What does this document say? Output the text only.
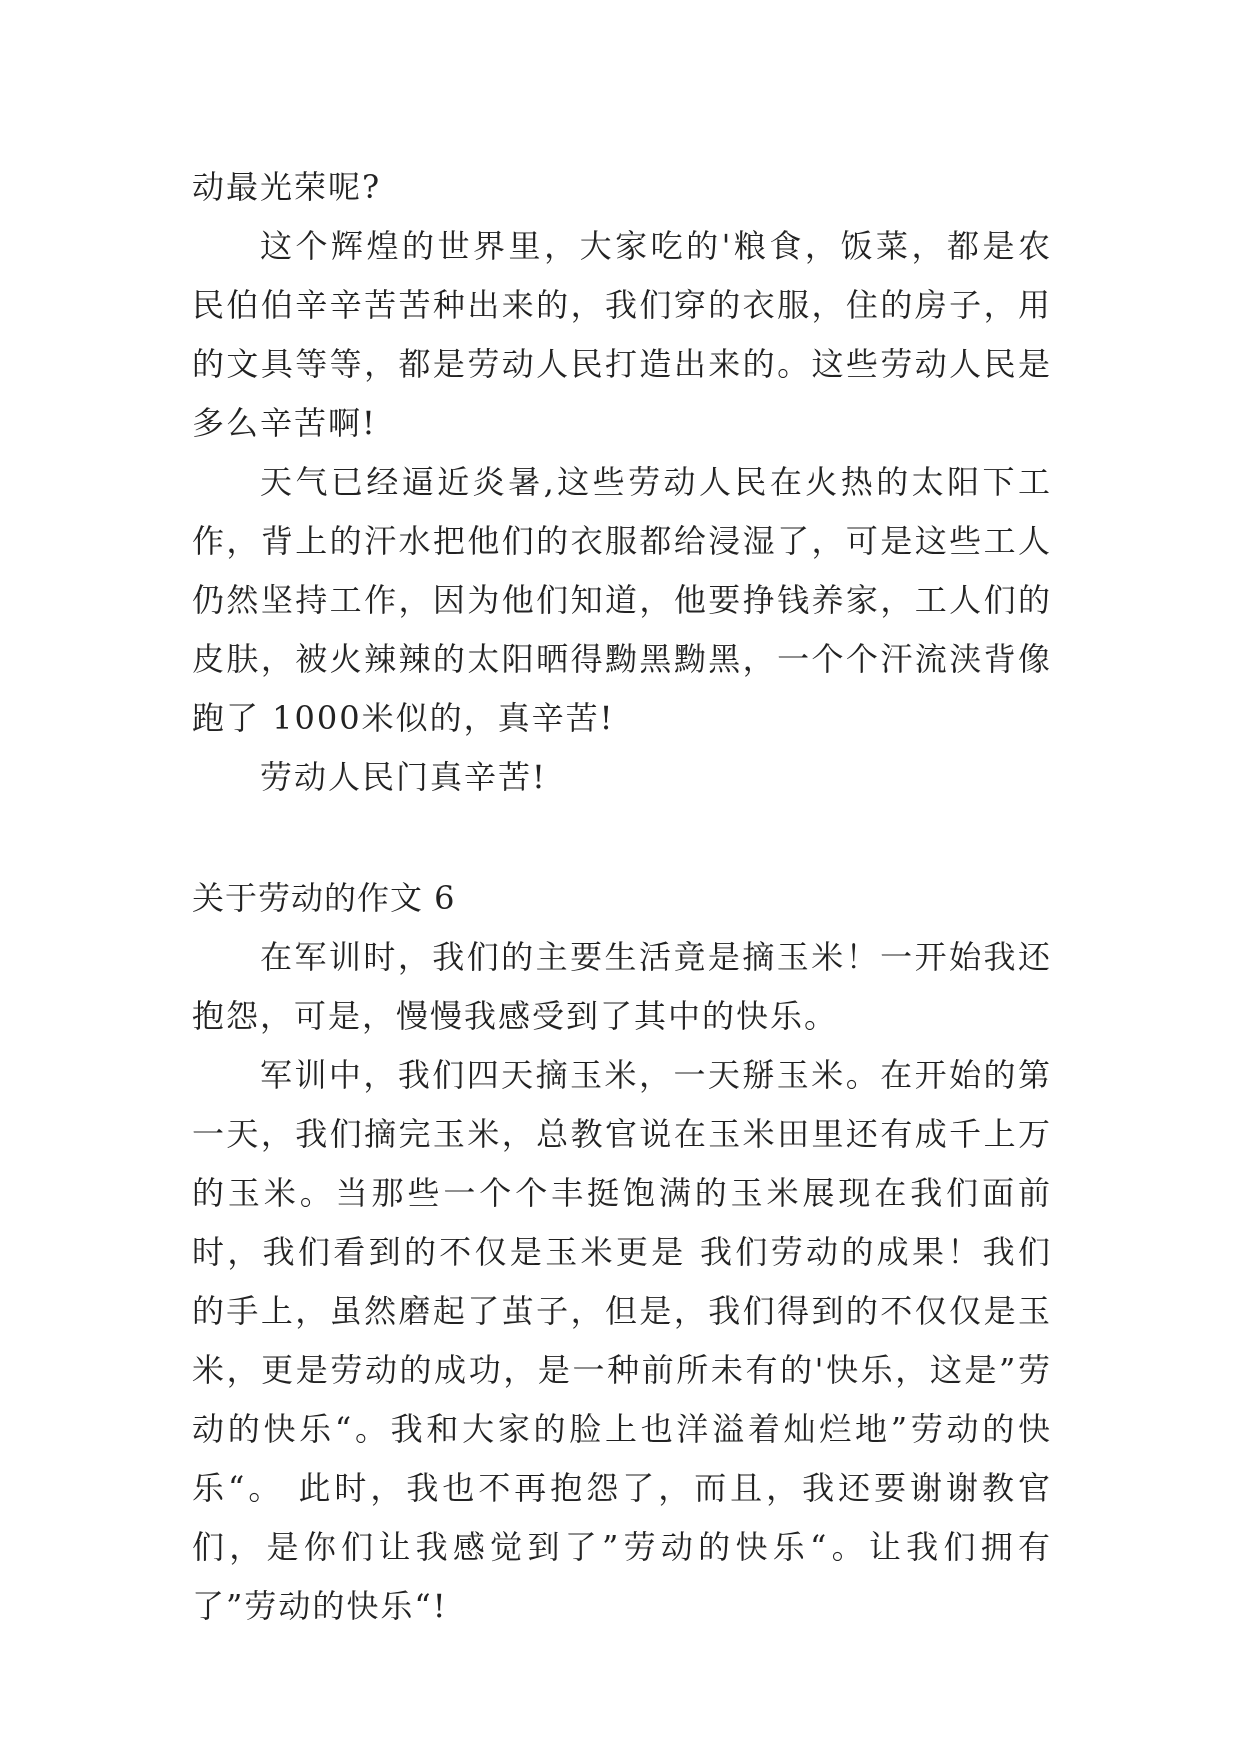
动最光荣呢?

这个辉煌的世界里，大家吃的'粮食，饭菜，都是农民伯伯辛辛苦苦种出来的，我们穿的衣服，住的房子，用的文具等等，都是劳动人民打造出来的。这些劳动人民是多么辛苦啊!

天气已经逼近炎暑,这些劳动人民在火热的太阳下工作，背上的汗水把他们的衣服都给浸湿了，可是这些工人仍然坚持工作，因为他们知道，他要挣钱养家，工人们的皮肤，被火辣辣的太阳晒得黝黑黝黑，一个个汗流浃背像跑了 1000米似的，真辛苦!

劳动人民门真辛苦!

关于劳动的作文 6

在军训时，我们的主要生活竟是摘玉米！一开始我还抱怨，可是，慢慢我感受到了其中的快乐。

军训中，我们四天摘玉米，一天掰玉米。在开始的第一天，我们摘完玉米，总教官说在玉米田里还有成千上万的玉米。当那些一个个丰挺饱满的玉米展现在我们面前时，我们看到的不仅是玉米更是 我们劳动的成果！我们的手上，虽然磨起了茧子，但是，我们得到的不仅仅是玉米，更是劳动的成功，是一种前所未有的'快乐，这是”劳动的快乐“。我和大家的脸上也洋溢着灿烂地”劳动的快乐“。 此时，我也不再抱怨了，而且，我还要谢谢教官们，是你们让我感觉到了”劳动的快乐“。让我们拥有了”劳动的快乐“!
